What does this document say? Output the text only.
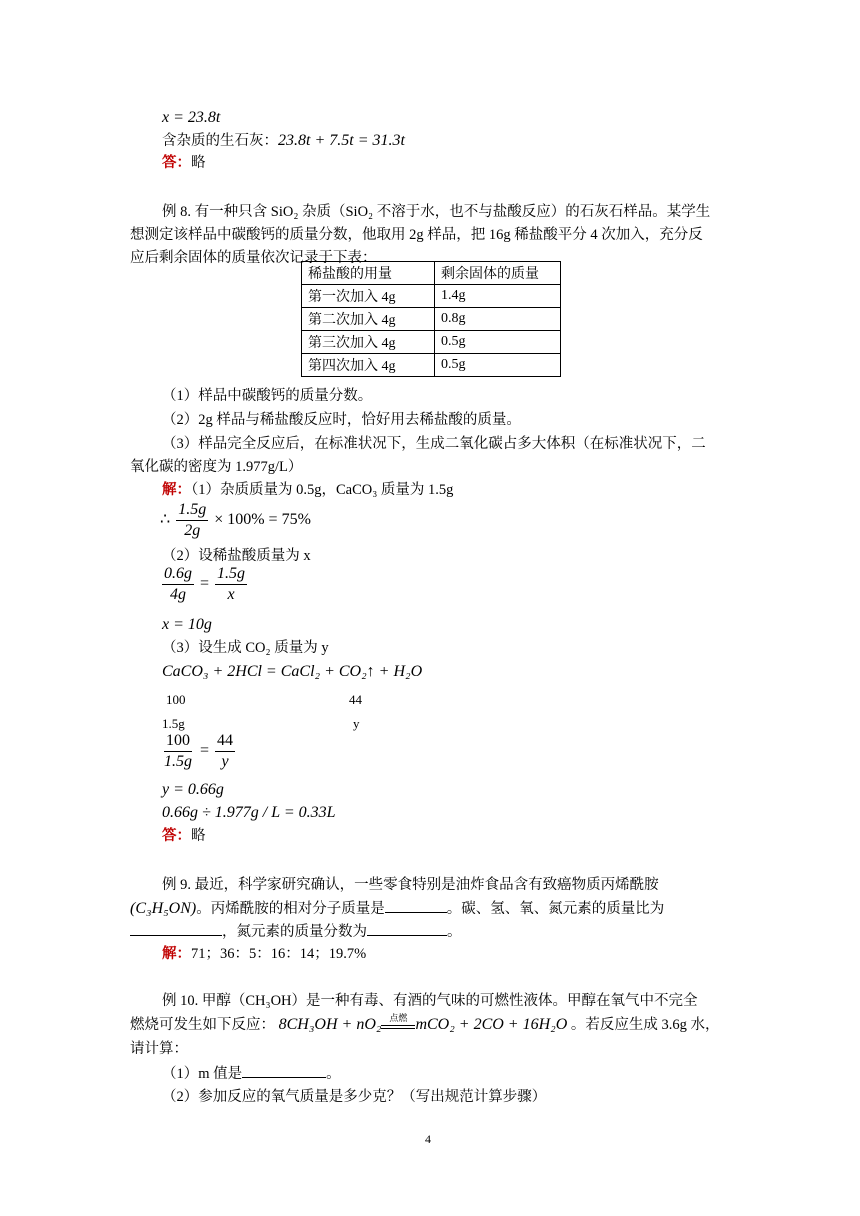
x = 23.8t
含杂质的生石灰：23.8t + 7.5t = 31.3t
答：略
例 8. 有一种只含 SiO₂ 杂质（SiO₂ 不溶于水，也不与盐酸反应）的石灰石样品。某学生
想测定该样品中碳酸钙的质量分数，他取用 2g 样品，把 16g 稀盐酸平分 4 次加入，充分反
应后剩余固体的质量依次记录于下表：
稀盐酸的用量	剩余固体的质量
第一次加入 4g	1.4g
第二次加入 4g	0.8g
第三次加入 4g	0.5g
第四次加入 4g	0.5g
（1）样品中碳酸钙的质量分数。
（2）2g 样品与稀盐酸反应时，恰好用去稀盐酸的质量。
（3）样品完全反应后，在标准状况下，生成二氧化碳占多大体积（在标准状况下，二
氧化碳的密度为 1.977g/L）
解：（1）杂质质量为 0.5g，CaCO₃ 质量为 1.5g
∴ $\frac{1.5g}{2g} \times 100\% = 75\%$
（2）设稀盐酸质量为 x
$\frac{0.6g}{4g} = \frac{1.5g}{x}$
x = 10g
（3）设生成 CO₂ 质量为 y
CaCO₃ + 2HCl = CaCl₂ + CO₂↑ + H₂O
100	44
1.5g	y
$\frac{100}{1.5g} = \frac{44}{y}$
y = 0.66g
0.66g ÷ 1.977g / L = 0.33L
答：略
例 9. 最近，科学家研究确认，一些零食特别是油炸食品含有致癌物质丙烯酰胺
(C₃H₅ON)。丙烯酰胺的相对分子质量是	。碳、氢、氧、氮元素的质量比为
，氮元素的质量分数为	。
解：71；36：5：16：14；19.7%
例 10. 甲醇（CH₃OH）是一种有毒、有酒的气味的可燃性液体。甲醇在氧气中不完全
燃烧可发生如下反应： 8CH₃OH + nO₂ 点燃 mCO₂ + 2CO + 16H₂O 。若反应生成 3.6g 水，
请计算：
（1）m 值是	。
（2）参加反应的氧气质量是多少克？（写出规范计算步骤）
4
